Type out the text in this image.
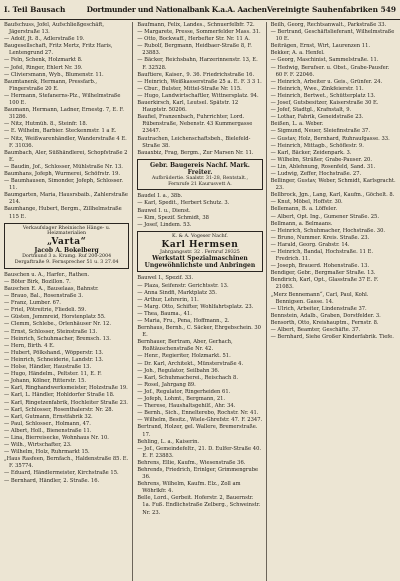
I. Teil Bausach	Dortmunder und Nationalbank K.a.A. Aachen Vereinigte Sauhenfabriken 549
Baufschuss, Jofel, Aufschließgeschäft, Jägerstraße 13.
— Adolf, Jt. 8., Adlerstraße 19.
Baugesellschaft, Fritz Mertz, Fritz Haris, Lentengrund 27.
— Feln, Schenk, Holzmarkt 8.
— Jofel, Ringer, Ehlert Nr. 39.
— Cliviersmann, Wyb., Blumenstr. 11.
Baumtanenk, Hermann, Pressfarb., Fingerstraße 20 E.
— Hermann, Stefanerns-Plz., Wilhelmstraße 100 E.
Baumann, Hermann, Ladner, Ernestg. 7, E. F. 31286.
— Nitz, Hutmüh. 8., Steinfr. 18.
— E. Wilhelm, Barbier. Steckenmstr. 1 a E.
— Nitz, Weißwarenhändler, Wanderstraße 4 E. F. 31036.
Baumbach, Aler, Süßhändlerei, Schopfstraße 2 E.
— Baudin, Jof., Schlosser, Mühlstraße Nr. 13.
Baumhans, Jofeph, Wurmerei, Schöfrstr. 19.
— Baumhausen, Simonder, Jofeph, Schlosser. 11.
Baumgarten, Maria, Hausrsbaib., Zahlerstraße 214.
Baumhange, Hubert, Bergm., Zillhelmstraße 115 E.
Verkaufslager Rheinische Hänge- u. Heizmaterialien
„Varta“
Jacob A. Bokelberg
Dortmund 3 a. Kramg. Ruf 200-2004
Dergaftraße 9. Fernsprecher 51 u. 3 27.04
Bauschen u. A., Harfer., Rathen.
— Böter Birk, Bozillon. 7.
Bauschen E. A., Bauselaas, Bahnstr.
— Brauo, Bal., Rosenstraße 3.
— Franz, Lumber. 67.
— Friel, Pötreitrie, Fliedeli. 59.
— Güsten, Jemmreid, Horstenplatz 55.
— Clemm, Schlebe., Orlenhäuser Nr. 12.
— Ernst, Schlosser, Steinstraße 13.
— Heinrich, Schuhmacher, Bremsch. 13.
— Hern, Birth. 4 E.
— Hubert, Pölkshand., Wöpperstr. 13.
— Heinrich, Schneiderie, Landstr. 13.
— Holse, Händler, Haustraße 13.
— Hugo, Händelm., Peltster. 11, E. F.
— Johann, Kölner, Ritterstr. 15.
— Karl, Ringhandwerksmeister, Holzstraße 19.
— Karl, L. Händler, Hohldorfer Straße 18.
— Karl, Ringetzenfabrik, Hochleiter Straße 23.
— Karl, Schlosser, Rosenthalerstr. Nr. 28.
— Karl, Gutmann, Ernstfabrik 32.
— Paul, Schlosser., Holmann, 47.
— Albert, Holl., Bienenstraße 11.
— Lina, Bierreisecke, Wohnhaus Nr. 10.
— Wilh., Wirtschafter, 23.
— Wilhelm, Holz, Ruhrmarkt 15.
„Haus Rasfeen, Bernfach., Haldenstraße 85. E. F. 35774.
— Eduard, Händlermeister, Kirchstraße 15.
— Bernhard, Händler, 2. Straße. 16.
Baufmann, Felix, Landes., Schnuerfelbfr. 72.
— Margarete, Presse, Sommerfelder Mass. 31.
— Otto, Bockwaff., Herbefter Str. Nr. 11 A.
— Rubolf, Bergmann, Heidbaer-Straße 8, F. 23883.
— Bäcker, Reichsbahn, Harzerinnenstr. 13, E. F. 32528.
Bauftiere, Kaiser., 9. 36. Friedrichstraße 16.
— Heinrich, Weißkasserstraße 25 a. E. F. 3 3 1.
— Cbur., Bulster, Mittel-Straße Nr. 115.
— Hugo, Landwirtschaftler, Wittnersplatz. 94.
Bauerkirsch, Karl, Leutsel. Spätstr. 12 Hauptstr. 50206.
Baufiel, Franzenbach, Fuhrrichter, Lord. Rübenstraße, Nebenstr. 43 Kummergasse 23447.
Bautrachen, Leichenschaftsbeh., Bielefeld-Straße 38.
Bauaxbiz, Frag, Bergm., Zur Marsen Nr. 11.
Gebr. Baugereis Nachf. Mark. Freiter.
Aufbrüdertie. Saalstr. 31-28, Rentstalt., Fernrufe 21 Kaurusvett A.
Baudel I. a., 38b.
— Karl, Spedit., Herbert Schutz. 3.
Bauwel I. u., Dienst.
— Kim, Spezif. Schmidt, 38
— Josef, Lindem. 53.
K. & A. Vogeser Nachf.
Karl Hermsen
Jahrgangsstr. 32 . Fernruf 29325
Werkstatt Spezialmaschinen
Ungewöhnlichste und Anbringen
Bauwel I., Spezif. 33.
— Plaza, Seifenstr. Gerichtsstr. 13.
— Anna Sindfi, Marktplatz 35.
— Arthur, Lehrerin, 11.
— Marg. Otto, Schifter, Wohlfahrtsplatz. 23.
— Thea, Bauma., 41.
— Maria, Fru., Pena, Hoffmann., 2.
Bernhaus, Bernh., C. Säcker, Ehrgebschein. 30 E.
Bernhauer, Bertram, Aber, Gerhach, Roßtäuschenstraße Nr. 42.
— Henr., Regieriter, Holzmarkt. 51.
— Dr. Karl, Architekt., Münsterstraße 4.
— Joh., Regulator, Seilbahn 36.
— Karl, Schuhmacherei., Reischach 8.
— Rosel, Jahrgang 89.
— Jof., Regulator, Ringerheiden 61.
— Jofeph, Lohmt., Bergmann, 21.
— Therese, Haushaltsgehilf., Ahr. 34.
— Bernh., Sich., Ennelterebo, Rochstr. Nr. 41.
— Wilhelm, Besitz., Wiele-Ghrefstr. 47. F. 2347.
Bertrand, Holzer, gel. Wallere, Bremerstraße. 17.
Behling, L. a., Kaiserin.
— Jof., Gemeindefeltr., 21. D. Eulfer-Straße 40. E. F. 23883.
Behrens, Ellie, Kaufm., Wiesenstraße 36.
Behrends, Friedrich, Erinlger, Grimmengrube 36.
Behrens, Wilhelm, Kaufm. Elz., Zoll am Wöhrlkfr. 4.
Belle, Lord., Gerbeit. Hoferstr. 2, Bauernstr. 1a. Fuß. Endlichstraße Zelberg., Schweinstr. Nr. 23.
Beilh, Georg, Rechtsanwalt., Parkstraße 33.
— Bertrand, Geschäftslieferant, Wilhelmstraße 10 E.
Beiträgen, Ernst, Wirt, Laurenzen 11.
Bekker, A. a. Henfel.
— Georg, Maschinist, Sammelstraße. 11.
— Hedwig, Berufser. u. Obst., Grabe-Pausfer. 60 F. F. 22046.
— Heinrich, Arbeiter u. Geis., Grünfer. 24.
— Heinrich, Wwe., Zinkfeierstr. 11.
— Heinrich, Bertwet., Schütterplatz 13.
— Josef, Gutsbesitzer, Kaiserstraße 30 E.
— Jofef, Stadtgl., Krafnstalt, 9.
— Lothar, Fabrik, Geneidstraße 23.
Beißen, L. a. Weber.
— Sigmund, Neuer, Sleiefinstraße 37.
— Gustav, Holz, Bernhard, Ruhraufgasse. 33.
— Heinrich, Mittagb., Schöflestr. 9.
— Karl, Bäcker, Zeidenpark. 3.
— Wilhelm, Sträßer, Grabe-Pauser. 20.
— Lin, Ablehnung, Rosenfeld, Sand. 31.
— Ludwig, Zeffer, Hochstraße. 27.
Bellinger, Gustav, Weber, Schmidt, Karlsgracht. 23.
Bellbrock, Jgn., Lang, Karl, Kaufm., Göchelt. 8.
— Knut, Möbel, Hoffstr. 30.
Bellemann, B. a. Löffeler.
— Albert, Opt. Ing., Gumener Straße. 25.
Bellmann, a. Belmaans.
— Heinrich, Schuhmacher, Hochstraße. 30.
— Bruno, Nummer. Kreis. Straße. 23.
— Harald, Georg. Grabstr. 14.
— Heinrich, Bandal, Hochstraße. 11 E. Fredrich. 11.
— Joseph, Brauerd. Hohenstraße. 13.
Bendiger, Gebr., Bergmaßer Straße. 13.
Bendirich, Karl, Opt., Glasstraße 37 E. F. 21083.
„Merz Bennemann“, Carl, Paul, Kohl. Bennigsen. Gasse. 14.
— Ulrich, Arbeiter, Lindenstraße 37.
Bennstein, Adalb., Graben, Dorstfelder. 3.
Bensorth, Otto, Kreishauptm., Fernstr. 8.
— Albert, Beamter, Geschäfte. 37.
— Bernhard, Siehe Großer Kinderfabrik. Tiefe.
